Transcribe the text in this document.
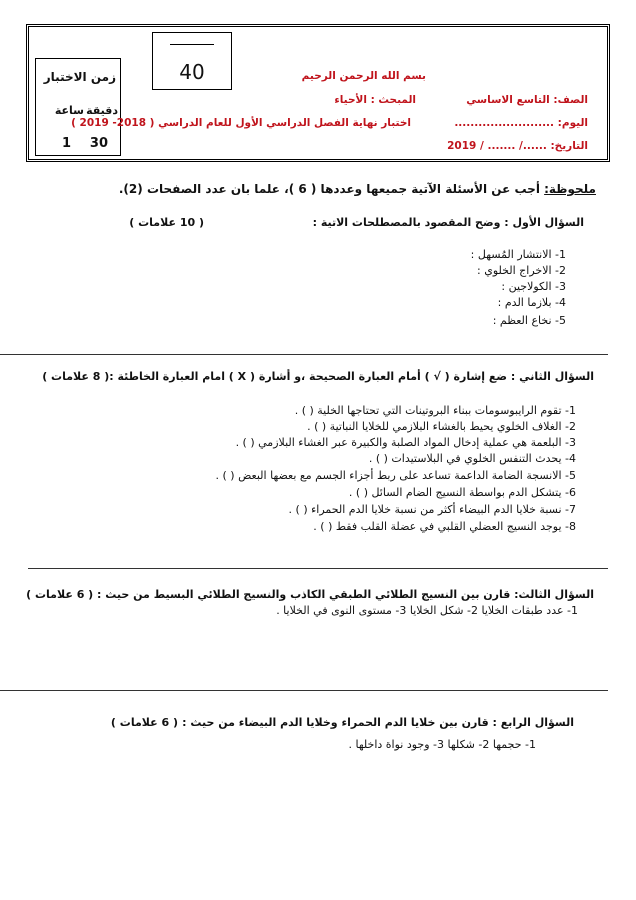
40
زمن الاختبار
ساعة دقيقة
1 30
بسم الله الرحمن الرحيم
الصف: التاسع الاساسي
المبحث : الأحياء
اليوم: .........................
اختبار نهاية الفصل الدراسي الأول للعام الدراسي ( 2018- 2019 )
التاريخ: ....../ ....... / 2019
ملحوظة: أجب عن الأسئلة الآتية جميعها وعددها ( 6 )، علما بان عدد الصفحات (2).
السؤال الأول : وضح المقصود بالمصطلحات الاتية :
( 10 علامات )
1- الانتشار المُسهل :
2- الاخراج الخلوي :
3- الكولاجين :
4- بلازما الدم :
5- نخاع العظم :
السؤال الثاني : ضع إشارة ( √ ) أمام العبارة الصحيحة ،و أشارة ( X ) امام العبارة الخاطئة :( 8 علامات )
1- تقوم الرايبوسومات ببناء البروتينات التي تحتاجها الخلية ( ) .
2- الغلاف الخلوي يحيط بالغشاء البلازمي للخلايا النباتية ( ) .
3- البلعمة هي عملية إدخال المواد الصلبة والكبيرة عبر الغشاء البلازمي ( ) .
4- يحدث التنفس الخلوي في البلاستيدات ( ) .
5- الانسجة الضامة الداعمة تساعد على ربط أجزاء الجسم مع بعضها البعض ( ) .
6- يتشكل الدم بواسطة النسيج الضام السائل ( ) .
7- نسبة خلايا الدم البيضاء أكثر من نسبة خلايا الدم الحمراء ( ) .
8- يوجد النسيج العضلي القلبي في عضلة القلب فقط ( ) .
السؤال الثالث: قارن بين النسيج الطلائي الطبقي الكاذب والنسيج الطلائي البسيط من حيث : ( 6 علامات )
1- عدد طبقات الخلايا 2- شكل الخلايا 3- مستوى النوى في الخلايا .
السؤال الرابع : قارن بين خلايا الدم الحمراء وخلايا الدم البيضاء من حيث :
( 6 علامات )
1- حجمها 2- شكلها 3- وجود نواة داخلها .
